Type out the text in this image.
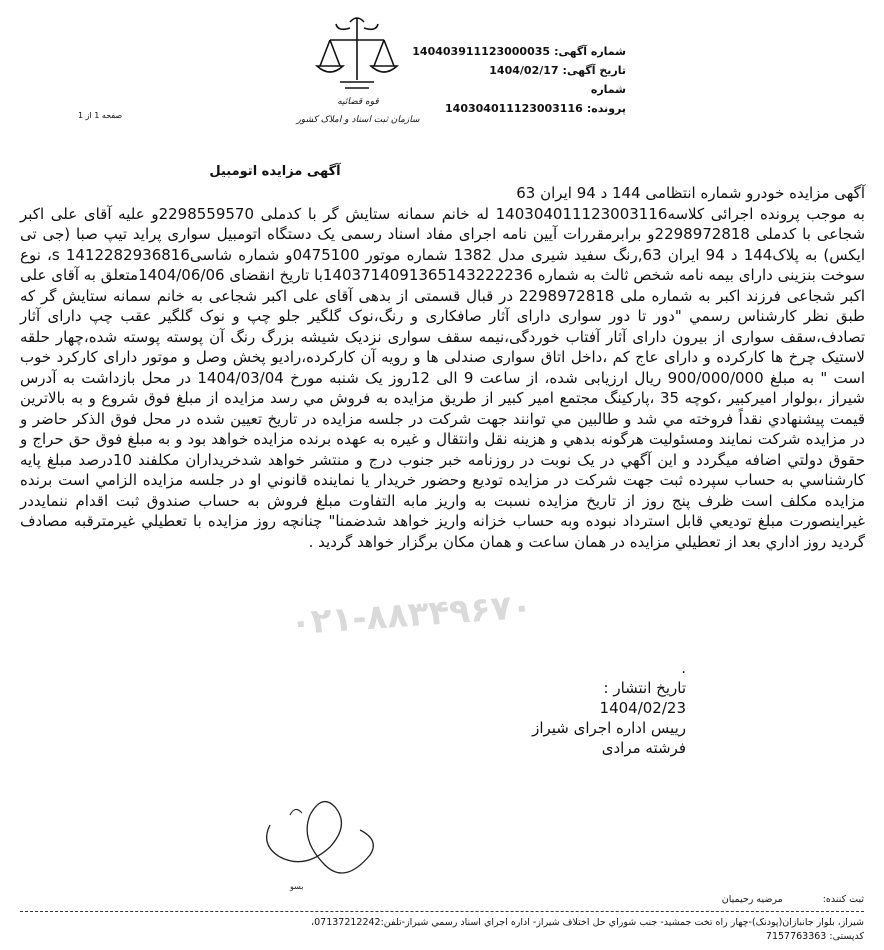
شماره آگهی:140403911123000035
تاریخ آگهی:1404/02/17
شماره پرونده:140304011123003116
قوه قضائیه
سازمان ثبت اسناد و املاک کشور
صفحه 1 از 1
آگهی مزایده اتومبیل

آگهی مزایده خودرو شماره انتظامی 144 د 94 ایران 63

به موجب پرونده اجرائی کلاسه140304011123003116 له خانم سمانه ستایش گر با کدملی 2298559570و علیه آقای علی اکبر شجاعی با کدملی 2298972818و برابرمقررات آیین نامه اجرای مفاد اسناد رسمی یک دستگاه اتومبیل سواری پراید تیپ صبا (جی تی ایکس) به پلاک144 د 94 ایران 63,رنگ سفید شیری مدل 1382 شماره موتور 0475100و شماره شاسی1412282936816 s، نوع سوخت بنزینی دارای بیمه نامه شخص ثالث به شماره 1403714091365143222236با تاریخ انقضای 1404/06/06متعلق به آقای علی اکبر شجاعی فرزند اکبر به شماره ملی 2298972818 در قبال قسمتی از بدهی آقای علی اکبر شجاعی به خانم سمانه ستایش گر که طبق نظر کارشناس رسمي "دور تا دور سواری دارای آثار صافکاری و رنگ،نوک گلگیر جلو چپ و نوک گلگیر عقب چپ دارای آثار تصادف،سقف سواری از بیرون دارای آثار آفتاب خوردگی،نیمه سقف سواری نزدیک شیشه بزرگ رنگ آن پوسته پوسته شده،چهار حلقه لاستیک چرخ ها کارکرده و دارای عاج کم ،داخل اتاق سواری صندلی ها و رویه آن کارکرده،رادیو پخش وصل و موتور دارای کارکرد خوب است " به مبلغ 900/000/000 ريال ارزیابی شده، از ساعت 9 الی 12روز یک شنبه مورخ 1404/03/04 در محل بازداشت به آدرس شیراز ،بولوار امیرکبیر ،کوچه 35 ،پارکینگ مجتمع امیر کبیر از طریق مزایده به فروش مي رسد مزایده از مبلغ فوق شروع و به بالاترین قیمت پیشنهادي نقداً فروخته مي شد و طالبین مي توانند جهت شرکت در جلسه مزایده در تاریخ تعیین شده در محل فوق الذکر حاضر و در مزایده شرکت نمایند ومسئولیت هرگونه بدهي و هزینه نقل وانتقال و غیره به عهده برنده مزایده خواهد بود و به مبلغ فوق حق حراج و حقوق دولتي اضافه میگردد و این آگهي در یک نوبت در روزنامه خبر جنوب درج و منتشر خواهد شدخریداران مکلفند 10درصد مبلغ پایه کارشناسي به حساب سپرده ثبت جهت شرکت در مزایده تودیع وحضور خریدار یا نماینده قانوني او در جلسه مزایده الزامي است برنده مزایده مکلف است ظرف پنج روز از تاریخ مزایده نسبت به واریز مابه التفاوت مبلغ فروش به حساب صندوق ثبت اقدام ننمایددر غیراینصورت مبلغ تودیعي قابل استرداد نبوده وبه حساب خزانه واریز خواهد شدضمنا" چنانچه روز مزایده با تعطیلي غیرمترقبه مصادف گردید روز اداري بعد از تعطیلي مزایده در همان ساعت و همان مکان برگزار خواهد گردید .

۰۲۱-۸۸۳۴۹۶۷۰
.
تاریخ انتشار :
1404/02/23
رییس اداره اجرای شیراز
فرشته مرادی
بسو
ثبت کننده:مرضیه رحیمیان
شیراز، بلوار جانبازان(پودنک)-چهار راه تخت جمشید- جنب شوراي حل اختلاف شیراز- اداره اجراي اسناد رسمي شیراز-تلفن:07137212242،
کدپستی: 7157763363
